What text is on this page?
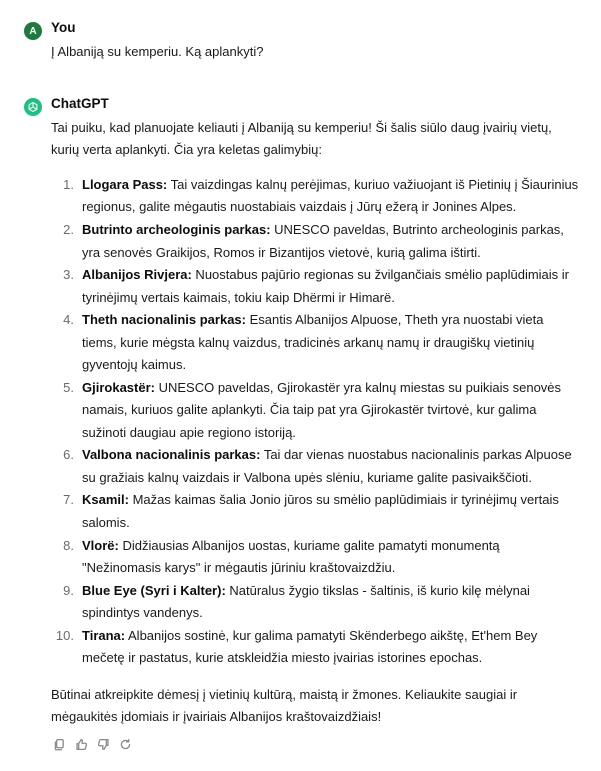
A	You
Į Albaniją su kemperiu. Ką aplankyti?
ChatGPT
Tai puiku, kad planuojate keliauti į Albaniją su kemperiu! Ši šalis siūlo daug įvairių vietų, kurių verta aplankyti. Čia yra keletas galimybių:
1. Llogara Pass: Tai vaizdingas kalnų perėjimas, kuriuo važiuojant iš Pietinių į Šiaurinius regionus, galite mėgautis nuostabiais vaizdais į Jūrų ežerą ir Jonines Alpes.
2. Butrinto archeologinis parkas: UNESCO paveldas, Butrinto archeologinis parkas, yra senovės Graikijos, Romos ir Bizantijos vietovė, kurią galima ištirti.
3. Albanijos Rivjera: Nuostabus pajūrio regionas su žvilgančiais smėlio paplūdimiais ir tyrinėjimų vertais kaimais, tokiu kaip Dhërmi ir Himarë.
4. Theth nacionalinis parkas: Esantis Albanijos Alpuose, Theth yra nuostabi vieta tiems, kurie mėgsta kalnų vaizdus, tradicinės arkanų namų ir draugiškų vietinių gyventojų kaimus.
5. Gjirokastër: UNESCO paveldas, Gjirokastër yra kalnų miestas su puikiais senovės namais, kuriuos galite aplankyti. Čia taip pat yra Gjirokastër tvirtovė, kur galima sužinoti daugiau apie regiono istoriją.
6. Valbona nacionalinis parkas: Tai dar vienas nuostabus nacionalinis parkas Alpuose su gražiais kalnų vaizdais ir Valbona upės slėniu, kuriame galite pasivaikščioti.
7. Ksamil: Mažas kaimas šalia Jonio jūros su smėlio paplūdimiais ir tyrinėjimų vertais salomis.
8. Vlorë: Didžiausias Albanijos uostas, kuriame galite pamatyti monumentą "Nežinomasis karys" ir mėgautis jūriniu kraštovaizdžiu.
9. Blue Eye (Syri i Kalter): Natūralus žygio tikslas - šaltinis, iš kurio kilę mėlynai spindintys vandenys.
10. Tirana: Albanijos sostinė, kur galima pamatyti Skënderbego aikštę, Et'hem Bey mečetę ir pastatus, kurie atskleidžia miesto įvairias istorines epochas.
Būtinai atkreipkite dėmesį į vietinių kultūrą, maistą ir žmones. Keliaukite saugiai ir mėgaukitės įdomiais ir įvairiais Albanijos kraštovaizdžiais!
